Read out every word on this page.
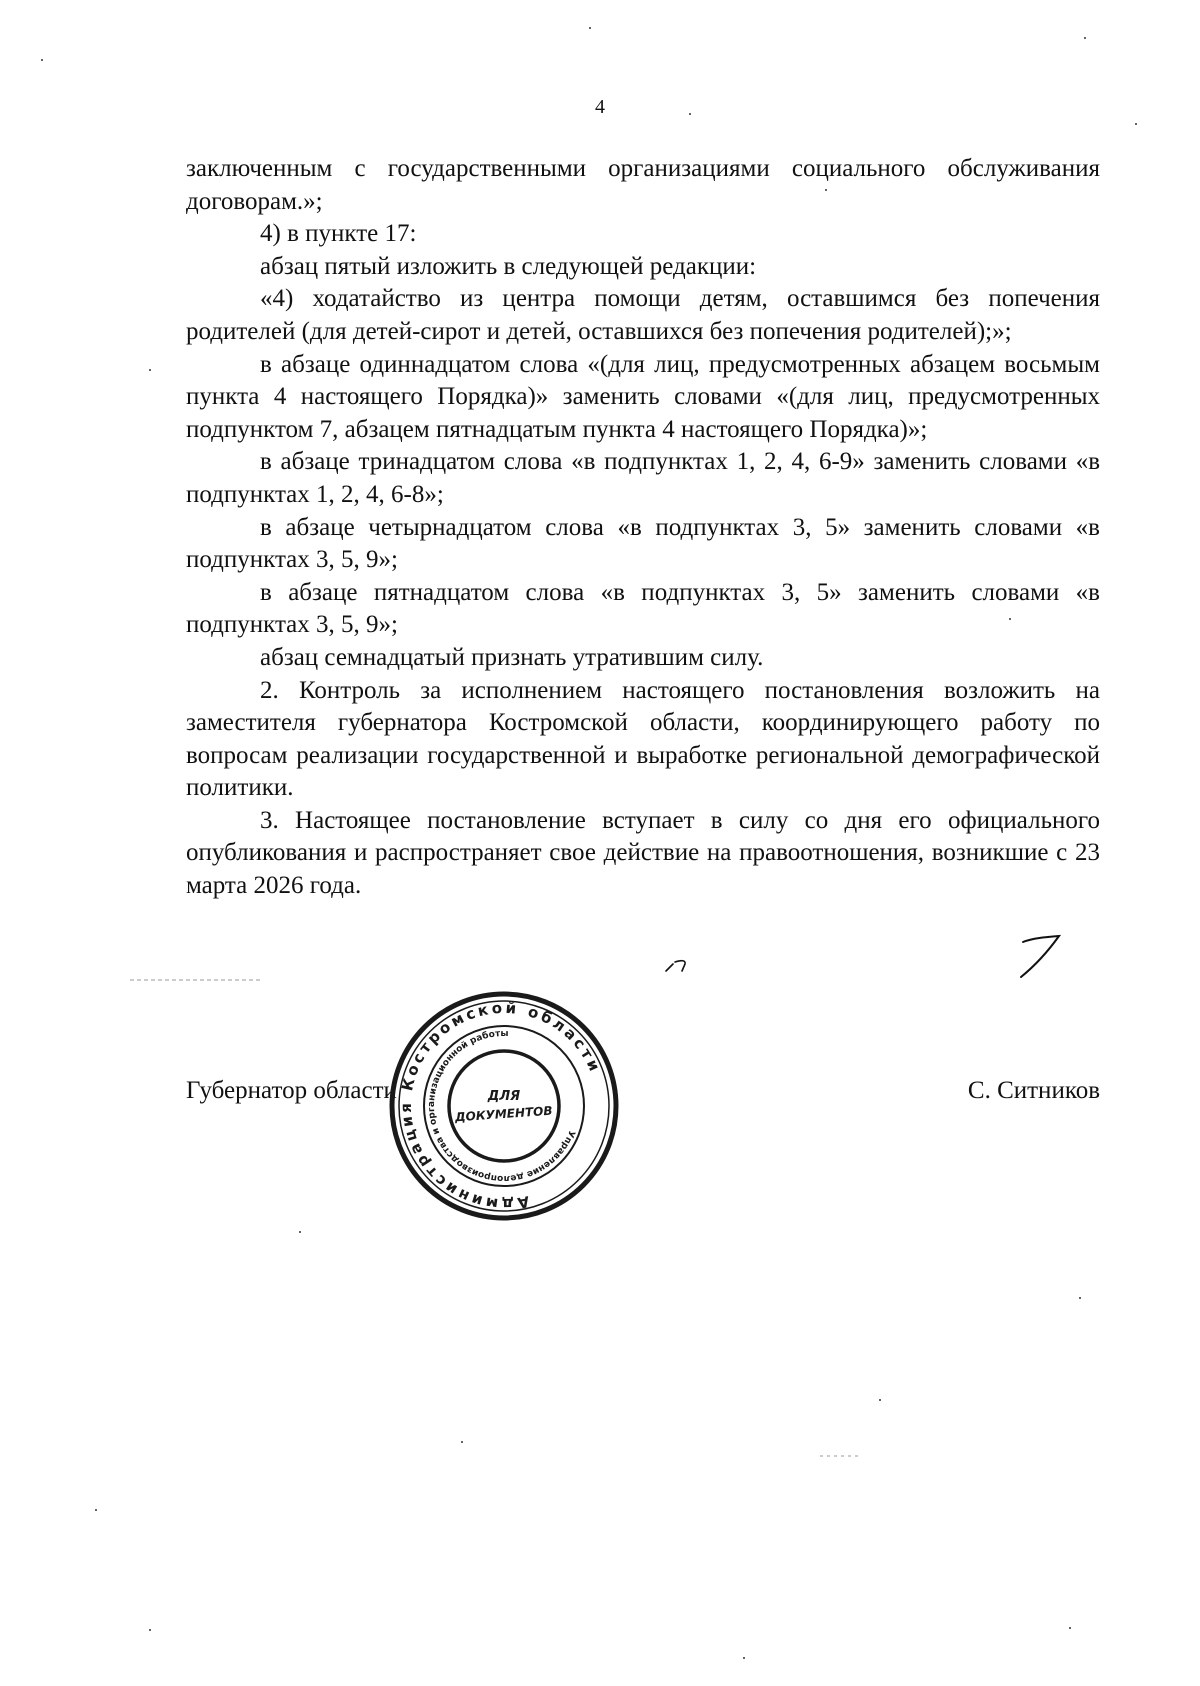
4

заключенным с государственными организациями социального обслуживания договорам.»;

4) в пункте 17:

абзац пятый изложить в следующей редакции:

«4) ходатайство из центра помощи детям, оставшимся без попечения родителей (для детей-сирот и детей, оставшихся без попечения родителей);»;

в абзаце одиннадцатом слова «(для лиц, предусмотренных абзацем восьмым пункта 4 настоящего Порядка)» заменить словами «(для лиц, предусмотренных подпунктом 7, абзацем пятнадцатым пункта 4 настоящего Порядка)»;

в абзаце тринадцатом слова «в подпунктах 1, 2, 4, 6-9» заменить словами «в подпунктах 1, 2, 4, 6-8»;

в абзаце четырнадцатом слова «в подпунктах 3, 5» заменить словами «в подпунктах 3, 5, 9»;

в абзаце пятнадцатом слова «в подпунктах 3, 5» заменить словами «в подпунктах 3, 5, 9»;

абзац семнадцатый признать утратившим силу.

2. Контроль за исполнением настоящего постановления возложить на заместителя губернатора Костромской области, координирующего работу по вопросам реализации государственной и выработке региональной демографической политики.

3. Настоящее постановление вступает в силу со дня его официального опубликования и распространяет свое действие на правоотношения, возникшие с 23 марта 2026 года.

Губернатор области	С. Ситников
Администрация Костромской области
Управление делопроизводства и организационной работы
ДЛЯ
ДОКУМЕНТОВ
